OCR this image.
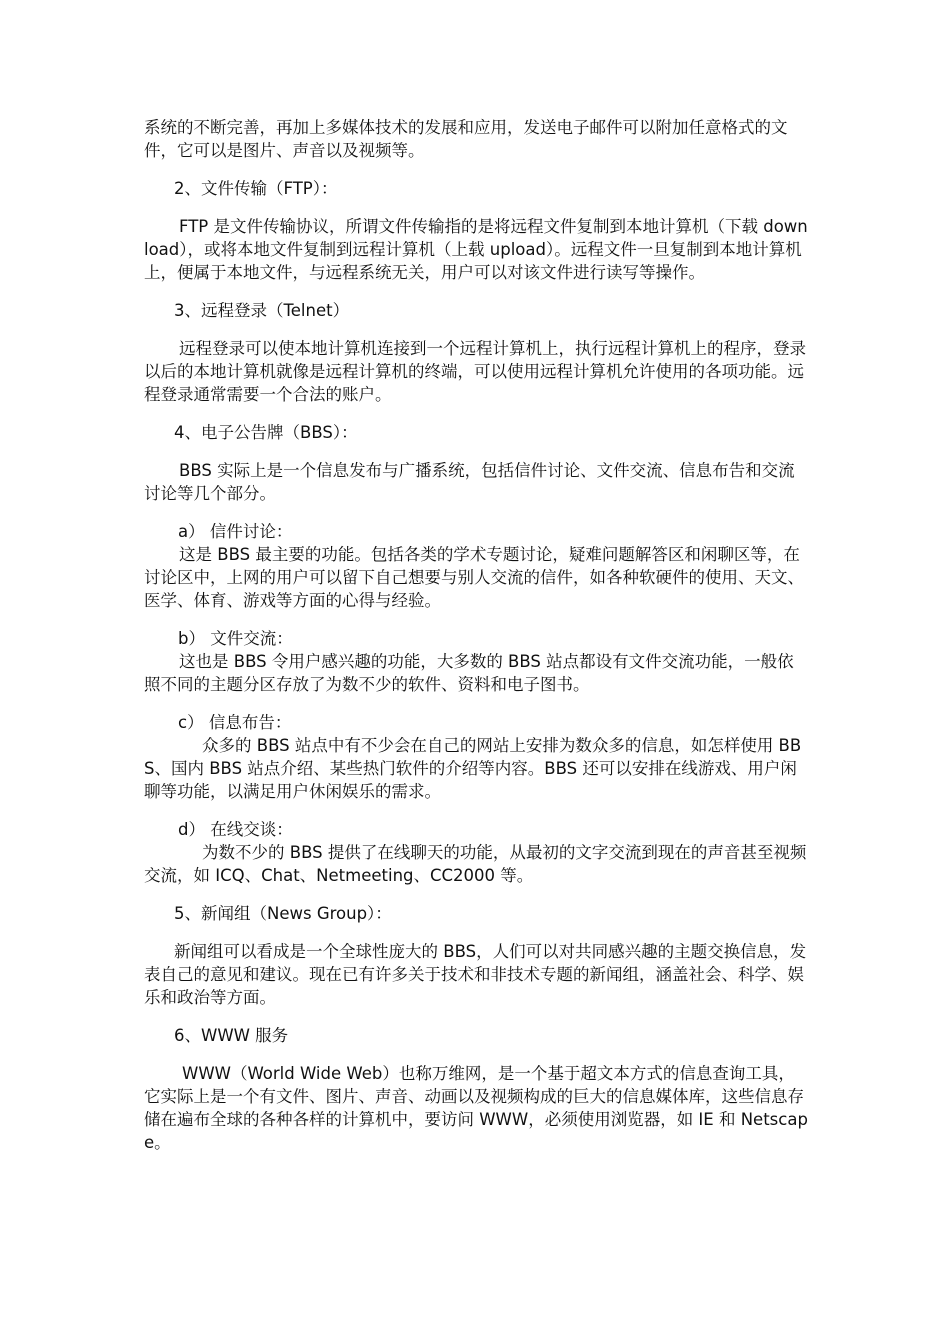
系统的不断完善，再加上多媒体技术的发展和应用，发送电子邮件可以附加任意格式的文件，它可以是图片、声音以及视频等。

2、文件传输（FTP）：

FTP 是文件传输协议，所谓文件传输指的是将远程文件复制到本地计算机（下载 download），或将本地文件复制到远程计算机（上载 upload）。远程文件一旦复制到本地计算机上，便属于本地文件，与远程系统无关，用户可以对该文件进行读写等操作。

3、远程登录（Telnet）

远程登录可以使本地计算机连接到一个远程计算机上，执行远程计算机上的程序，登录以后的本地计算机就像是远程计算机的终端，可以使用远程计算机允许使用的各项功能。远程登录通常需要一个合法的账户。

4、电子公告牌（BBS）：

BBS 实际上是一个信息发布与广播系统，包括信件讨论、文件交流、信息布告和交流讨论等几个部分。

a） 信件讨论：

这是 BBS 最主要的功能。包括各类的学术专题讨论，疑难问题解答区和闲聊区等，在讨论区中，上网的用户可以留下自己想要与别人交流的信件，如各种软硬件的使用、天文、医学、体育、游戏等方面的心得与经验。

b） 文件交流：

这也是 BBS 令用户感兴趣的功能，大多数的 BBS 站点都设有文件交流功能，一般依照不同的主题分区存放了为数不少的软件、资料和电子图书。

c） 信息布告：

众多的 BBS 站点中有不少会在自己的网站上安排为数众多的信息，如怎样使用 BBS、国内 BBS 站点介绍、某些热门软件的介绍等内容。BBS 还可以安排在线游戏、用户闲聊等功能，以满足用户休闲娱乐的需求。

d） 在线交谈：

为数不少的 BBS 提供了在线聊天的功能，从最初的文字交流到现在的声音甚至视频交流，如 ICQ、Chat、Netmeeting、CC2000 等。

5、新闻组（News Group）：

新闻组可以看成是一个全球性庞大的 BBS，人们可以对共同感兴趣的主题交换信息，发表自己的意见和建议。现在已有许多关于技术和非技术专题的新闻组，涵盖社会、科学、娱乐和政治等方面。

6、WWW 服务

WWW（World Wide Web）也称万维网，是一个基于超文本方式的信息查询工具，它实际上是一个有文件、图片、声音、动画以及视频构成的巨大的信息媒体库，这些信息存储在遍布全球的各种各样的计算机中，要访问 WWW，必须使用浏览器，如 IE 和 Netscape。
